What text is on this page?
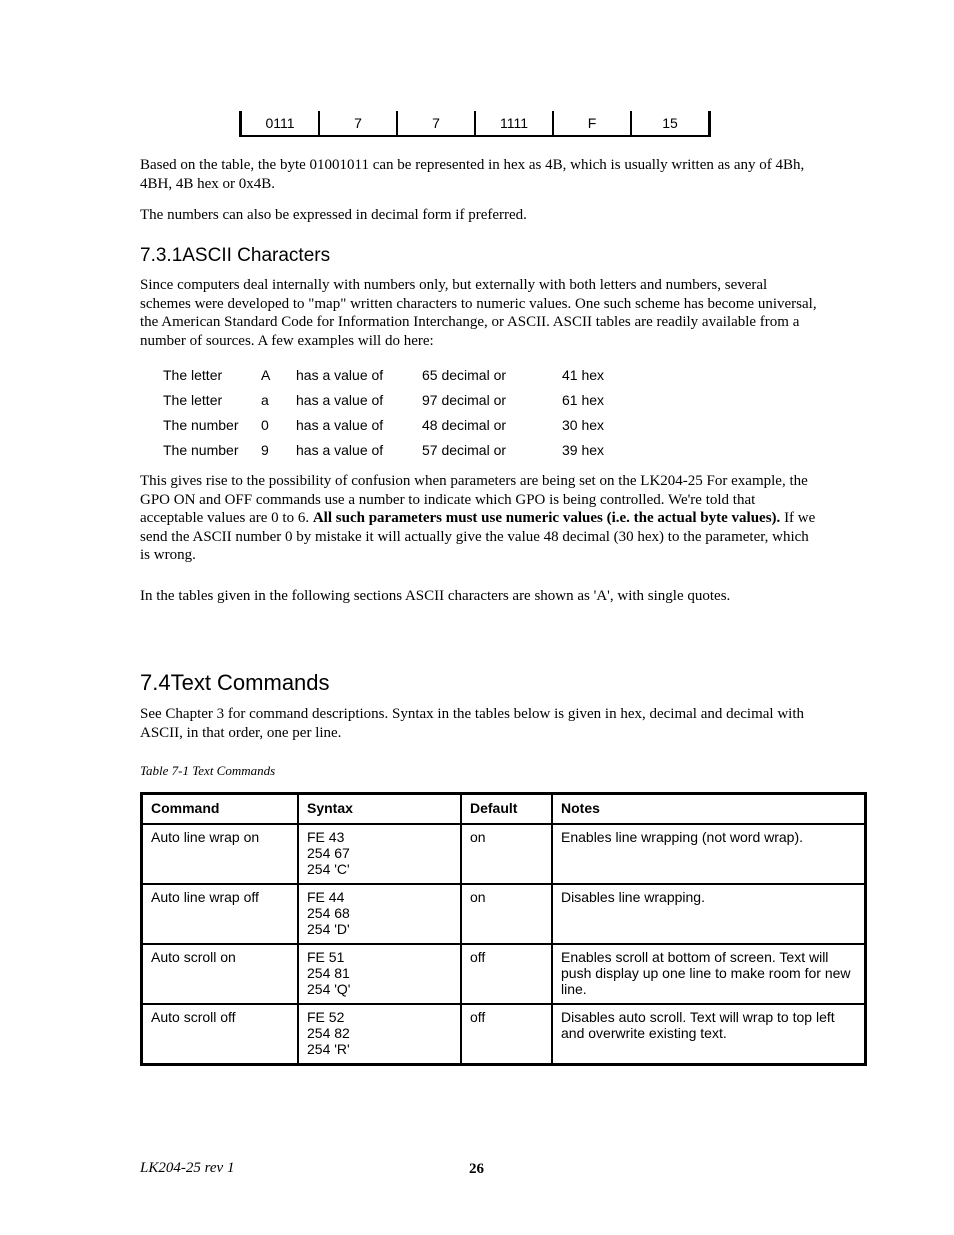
0111	7	7	1111	F	15

Based on the table, the byte 01001011 can be represented in hex as 4B, which is usually written as any of 4Bh, 4BH, 4B hex or 0x4B.

The numbers can also be expressed in decimal form if preferred.

7.3.1ASCII Characters

Since computers deal internally with numbers only, but externally with both letters and numbers, several schemes were developed to "map" written characters to numeric values. One such scheme has become universal, the American Standard Code for Information Interchange, or ASCII. ASCII tables are readily available from a number of sources. A few examples will do here:

The letter	A has a value of	65 decimal or	41 hex
The letter	a has a value of	97 decimal or	61 hex
The number 0 has a value of	48 decimal or	30 hex
The number 9 has a value of	57 decimal or	39 hex

This gives rise to the possibility of confusion when parameters are being set on the LK204-25 For example, the GPO ON and OFF commands use a number to indicate which GPO is being controlled. We're told that acceptable values are 0 to 6. All such parameters must use numeric values (i.e. the actual byte values). If we send the ASCII number 0 by mistake it will actually give the value 48 decimal (30 hex) to the parameter, which is wrong.

In the tables given in the following sections ASCII characters are shown as 'A', with single quotes.

7.4Text Commands

See Chapter 3 for command descriptions. Syntax in the tables below is given in hex, decimal and decimal with ASCII, in that order, one per line.

Table 7-1 Text Commands
Command	Syntax	Default	Notes
Auto line wrap on	FE 43
254 67
254 'C'	on	Enables line wrapping (not word wrap).
Auto line wrap off	FE 44
254 68
254 'D'	on	Disables line wrapping.
Auto scroll on	FE 51
254 81
254 'Q'	off	Enables scroll at bottom of screen. Text will push display up one line to make room for new line.
Auto scroll off	FE 52
254 82
254 'R'	off	Disables auto scroll. Text will wrap to top left and overwrite existing text.
LK204-25 rev 1	26
